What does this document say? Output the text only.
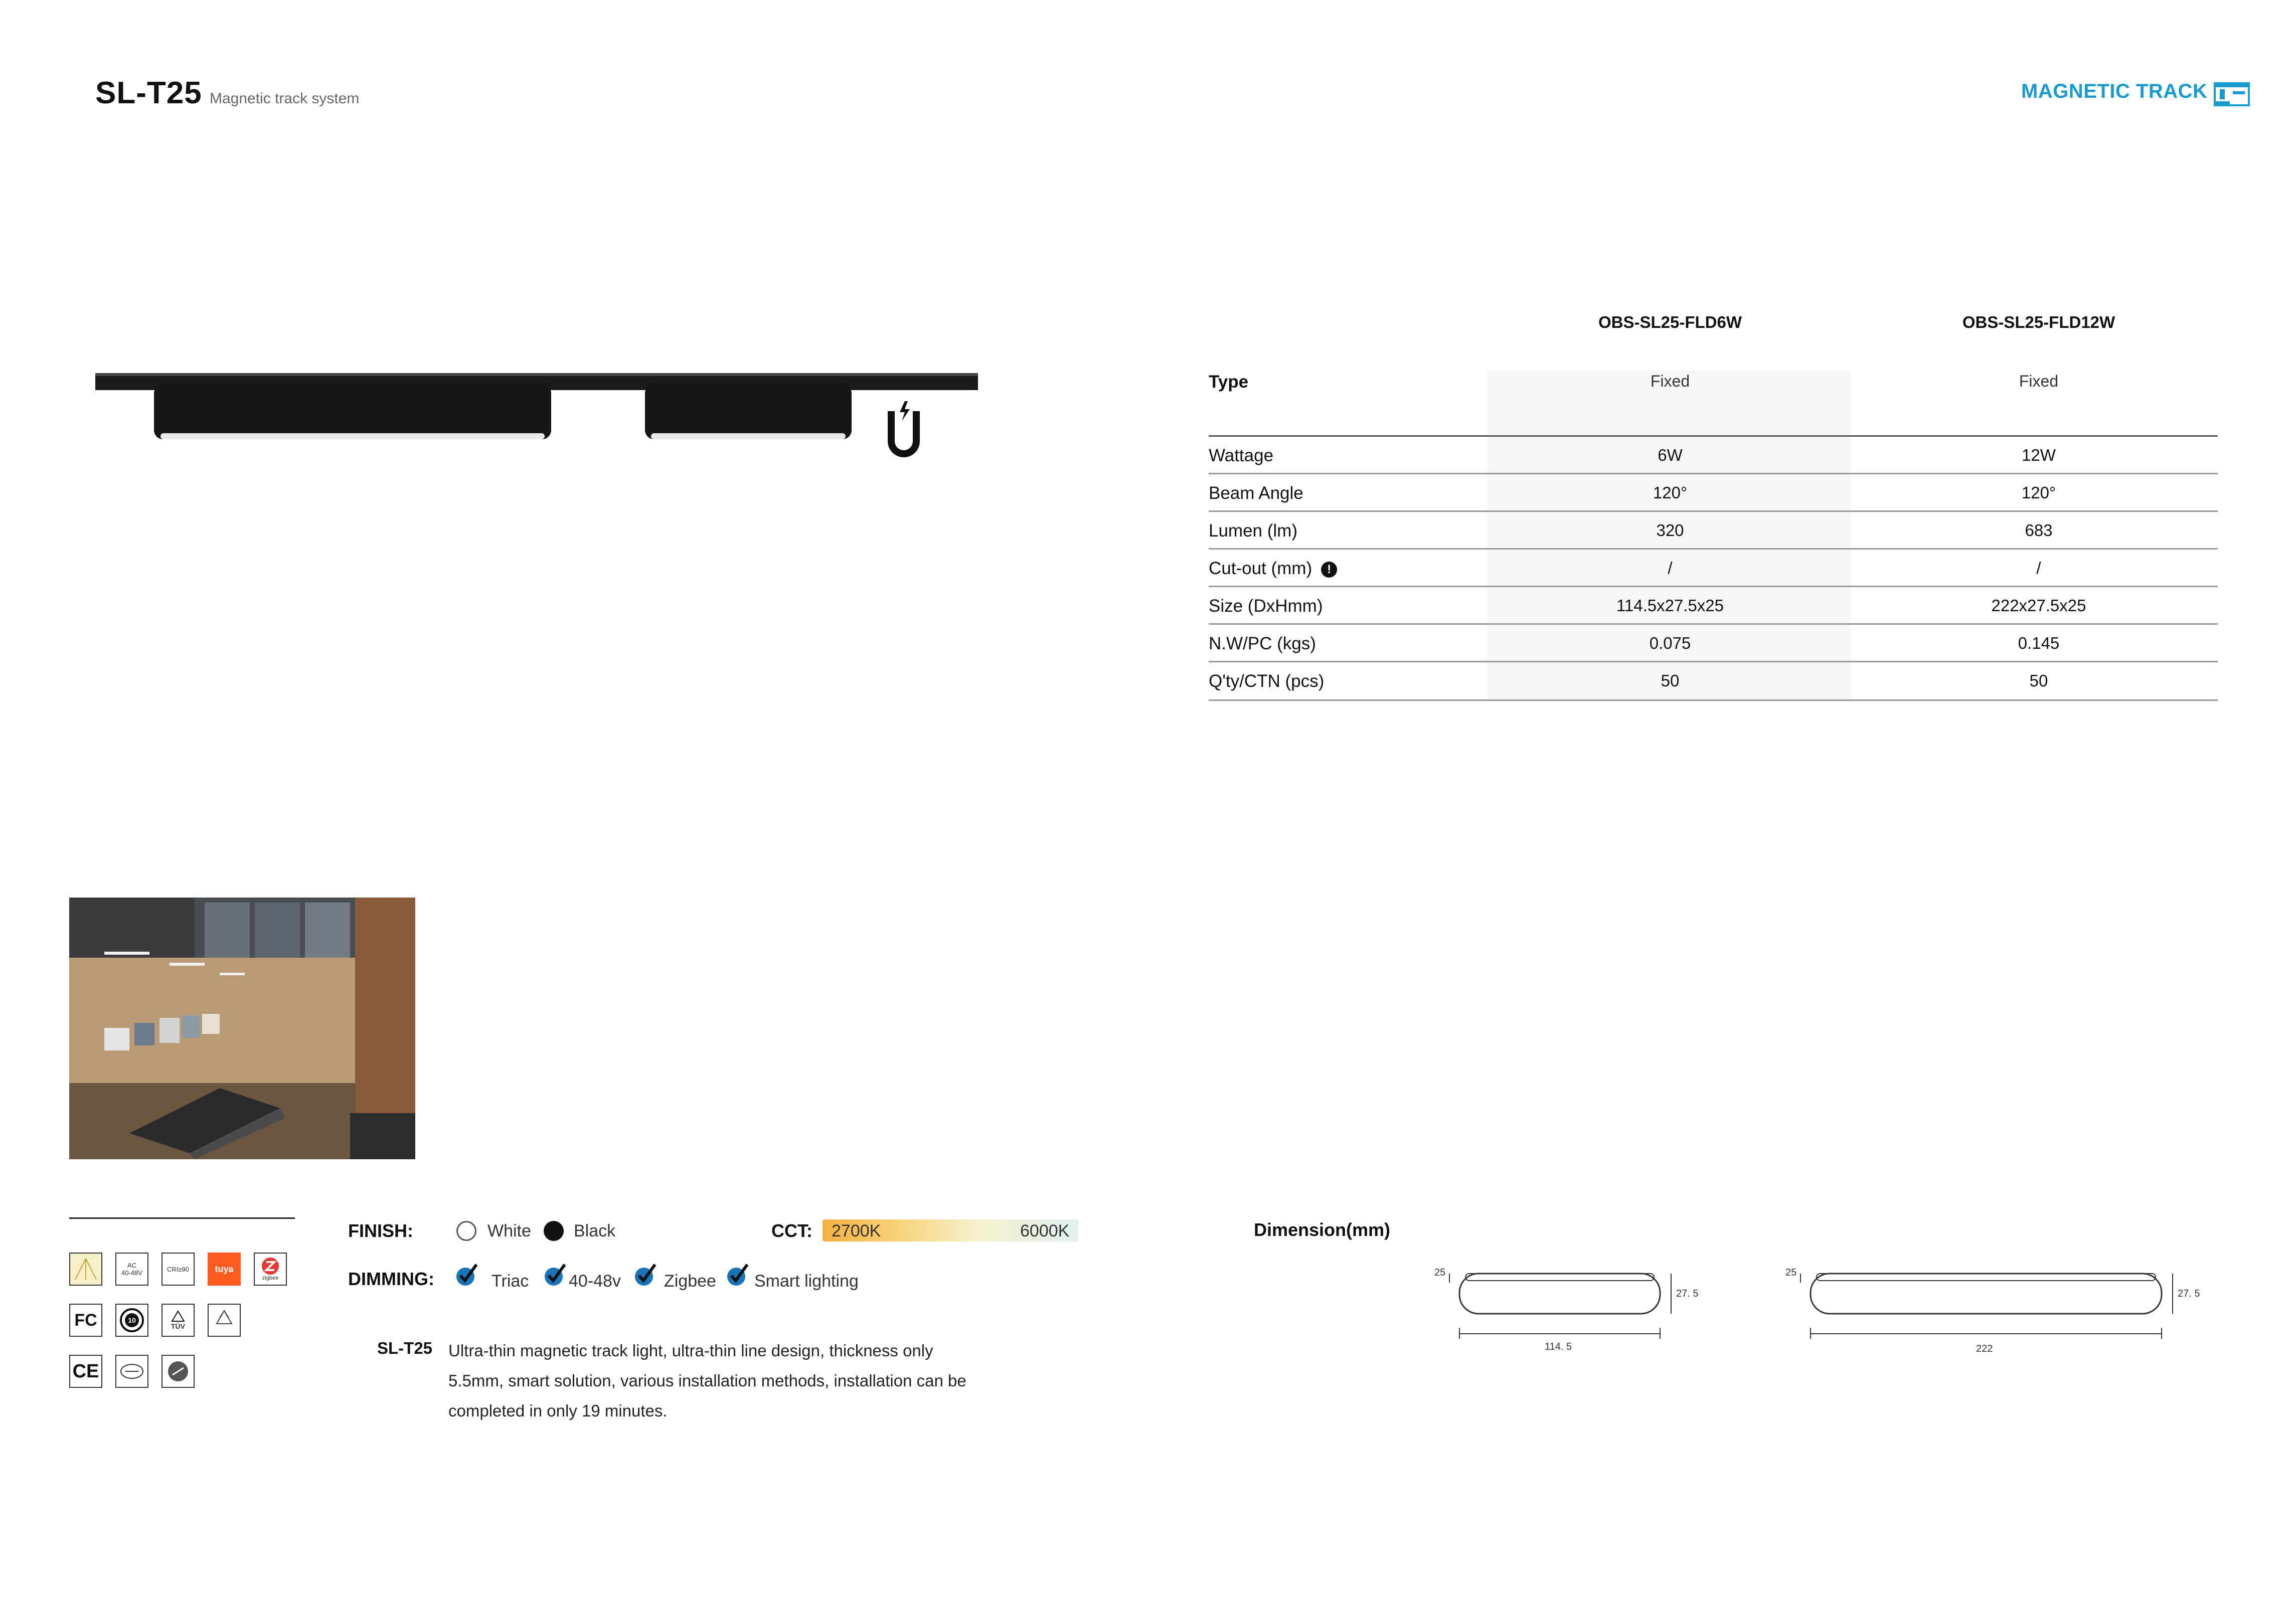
SL-T25 Magnetic track system	MAGNETIC TRACK
OBS-SL25-FLD6W	OBS-SL25-FLD12W
Type	Fixed	Fixed
Wattage	6W	12W
Beam Angle	120°	120°
Lumen (lm)	320	683
Cut-out (mm) !	/	/
Size (DxHmm)	114.5x27.5x25	222x27.5x25
N.W/PC (kgs)	0.075	0.145
Q'ty/CTN (pcs)	50	50
AC
40-48V	CRI≥90	tuya
zigbee
FC	10
TÜV
CE
FINISH:	White	Black	CCT: 2700K	6000K
DIMMING:	Triac 40-48v	Zigbee Smart lighting
SL-T25 Ultra-thin magnetic track light, ultra-thin line design, thickness only 5.5mm, smart solution, various installation methods, installation can be completed in only 19 minutes.
Dimension(mm)
114. 5
27. 5
25
222
27. 5
25
